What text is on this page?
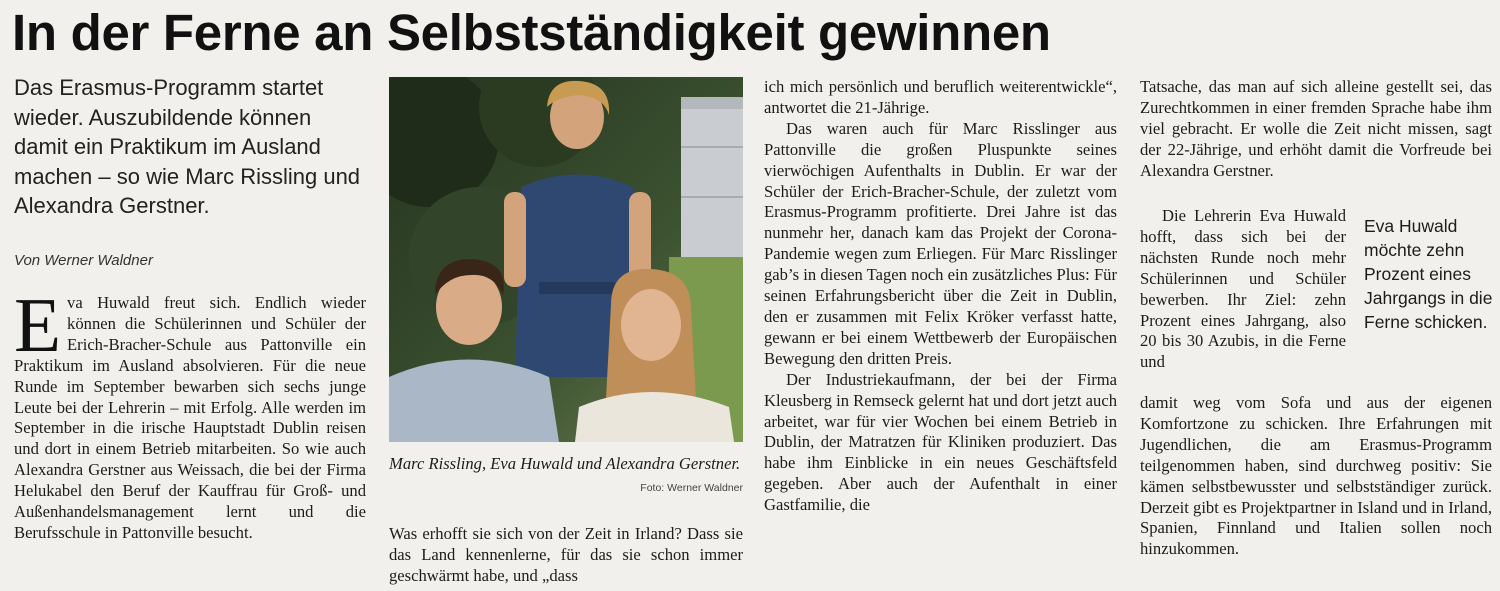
In der Ferne an Selbstständigkeit gewinnen
Das Erasmus-Programm startet wieder. Auszubildende können damit ein Praktikum im Ausland machen – so wie Marc Rissling und Alexandra Gerstner.
Von Werner Waldner
E va Huwald freut sich. Endlich wieder können die Schülerinnen und Schüler der Erich-Bracher-Schule aus Pattonville ein Praktikum im Ausland absolvieren. Für die neue Runde im September bewarben sich sechs junge Leute bei der Lehrerin – mit Erfolg. Alle werden im September in die irische Hauptstadt Dublin reisen und dort in einem Betrieb mitarbeiten. So wie auch Alexandra Gerstner aus Weissach, die bei der Firma Helukabel den Beruf der Kauffrau für Groß- und Außenhandelsmanagement lernt und die Berufsschule in Pattonville besucht.

Marc Rissling, Eva Huwald und Alexandra Gerstner.
Foto: Werner Waldner

Was erhofft sie sich von der Zeit in Irland? Dass sie das Land kennenlerne, für das sie schon immer geschwärmt habe, und „dass

ich mich persönlich und beruflich weiterentwickle“, antwortet die 21-Jährige.

Das waren auch für Marc Risslinger aus Pattonville die großen Pluspunkte seines vierwöchigen Aufenthalts in Dublin. Er war der Schüler der Erich-Bracher-Schule, der zuletzt vom Erasmus-Programm profitierte. Drei Jahre ist das nunmehr her, danach kam das Projekt der Corona-Pandemie wegen zum Erliegen. Für Marc Risslinger gab’s in diesen Tagen noch ein zusätzliches Plus: Für seinen Erfahrungsbericht über die Zeit in Dublin, den er zusammen mit Felix Kröker verfasst hatte, gewann er bei einem Wettbewerb der Europäischen Bewegung den dritten Preis.

Der Industriekaufmann, der bei der Firma Kleusberg in Remseck gelernt hat und dort jetzt auch arbeitet, war für vier Wochen bei einem Betrieb in Dublin, der Matratzen für Kliniken produziert. Das habe ihm Einblicke in ein neues Geschäftsfeld gegeben. Aber auch der Aufenthalt in einer Gastfamilie, die

Tatsache, das man auf sich alleine gestellt sei, das Zurechtkommen in einer fremden Sprache habe ihm viel gebracht. Er wolle die Zeit nicht missen, sagt der 22-Jährige, und erhöht damit die Vorfreude bei Alexandra Gerstner.

Die Lehrerin Eva Huwald hofft, dass sich bei der nächsten Runde noch mehr Schülerinnen und Schüler bewerben. Ihr Ziel: zehn Prozent eines Jahrgang, also 20 bis 30 Azubis, in die Ferne und

damit weg vom Sofa und aus der eigenen Komfortzone zu schicken. Ihre Erfahrungen mit Jugendlichen, die am Erasmus-Programm teilgenommen haben, sind durchweg positiv: Sie kämen selbstbewusster und selbstständiger zurück. Derzeit gibt es Projektpartner in Island und in Irland, Spanien, Finnland und Italien sollen noch hinzukommen.

Eva Huwald möchte zehn Prozent eines Jahrgangs in die Ferne schicken.
